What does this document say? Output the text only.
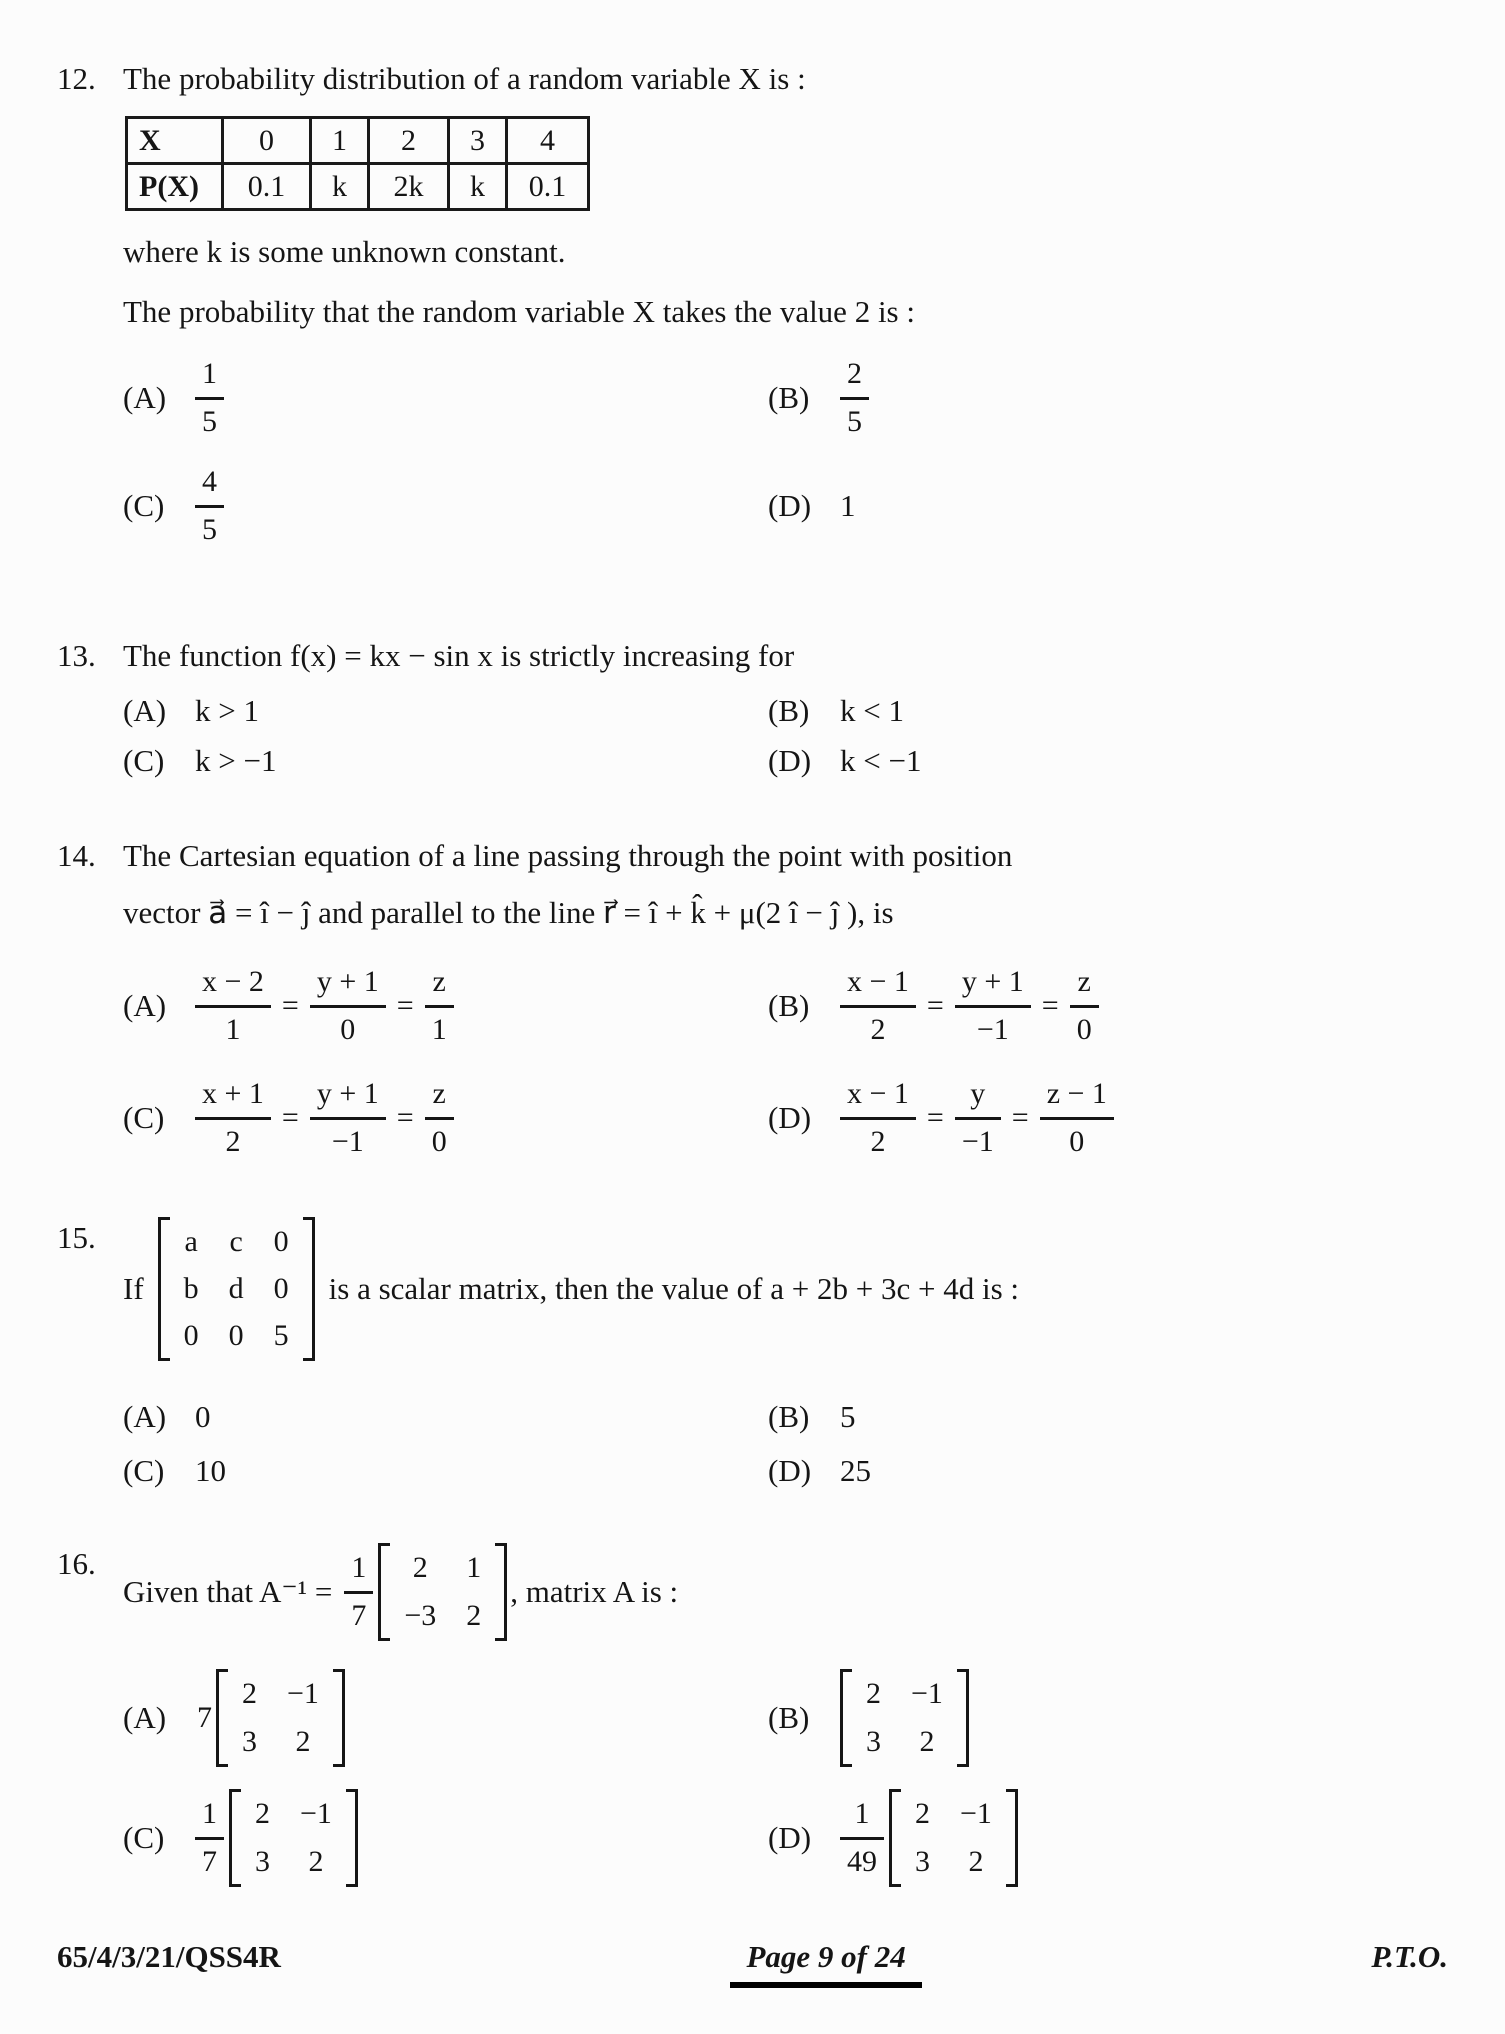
12. The probability distribution of a random variable X is :

X	0	1	2	3	4
P(X)	0.1	k	2k	k	0.1

where k is some unknown constant.

The probability that the random variable X takes the value 2 is :

$(A) \frac{1}{5}$	(B)	$\frac{2}{5}$
(C)	$\frac{4}{5}$	(D) 1
13. The function f(x) = kx − sin x is strictly increasing for

(A) k > 1	(B) k < 1
(C) k > −1	(D) k < −1
14. The Cartesian equation of a line passing through the point with position

vector a⃗ = î − ĵ and parallel to the line r⃗ = î + k̂ + μ(2 î − ĵ ), is

$(A) \frac{x - 2}{1} = \frac{y + 1}{0} = \frac{z}{1}$	(B)	$\frac{x - 1}{2} = \frac{y + 1}{-1} = \frac{z}{0}$
(C)	$\frac{x + 1}{2} = \frac{y + 1}{-1} = \frac{z}{0}$	$(D) \frac{x - 1}{2} = \frac{y}{-1} = \frac{z - 1}{0}$
15.
If
a c 0
b d 0
0 0 5
is a scalar matrix, then the value of a + 2b + 3c + 4d is :
(A) 0	(B) 5
(C) 10	(D) 25
16.
Given that $A^{-1} = \frac{1}{7} 2$ 1
−3 2
, matrix A is :
(A)	7
2 −1
3 2
(B)
2 −1
3 2
(C)	$\frac{1}{7} 2 -1$
3 2
$(D) \frac{1}{49} 2 -1$
3 2
65/4/3/21/QSS4R	Page 9 of 24	P.T.O.
